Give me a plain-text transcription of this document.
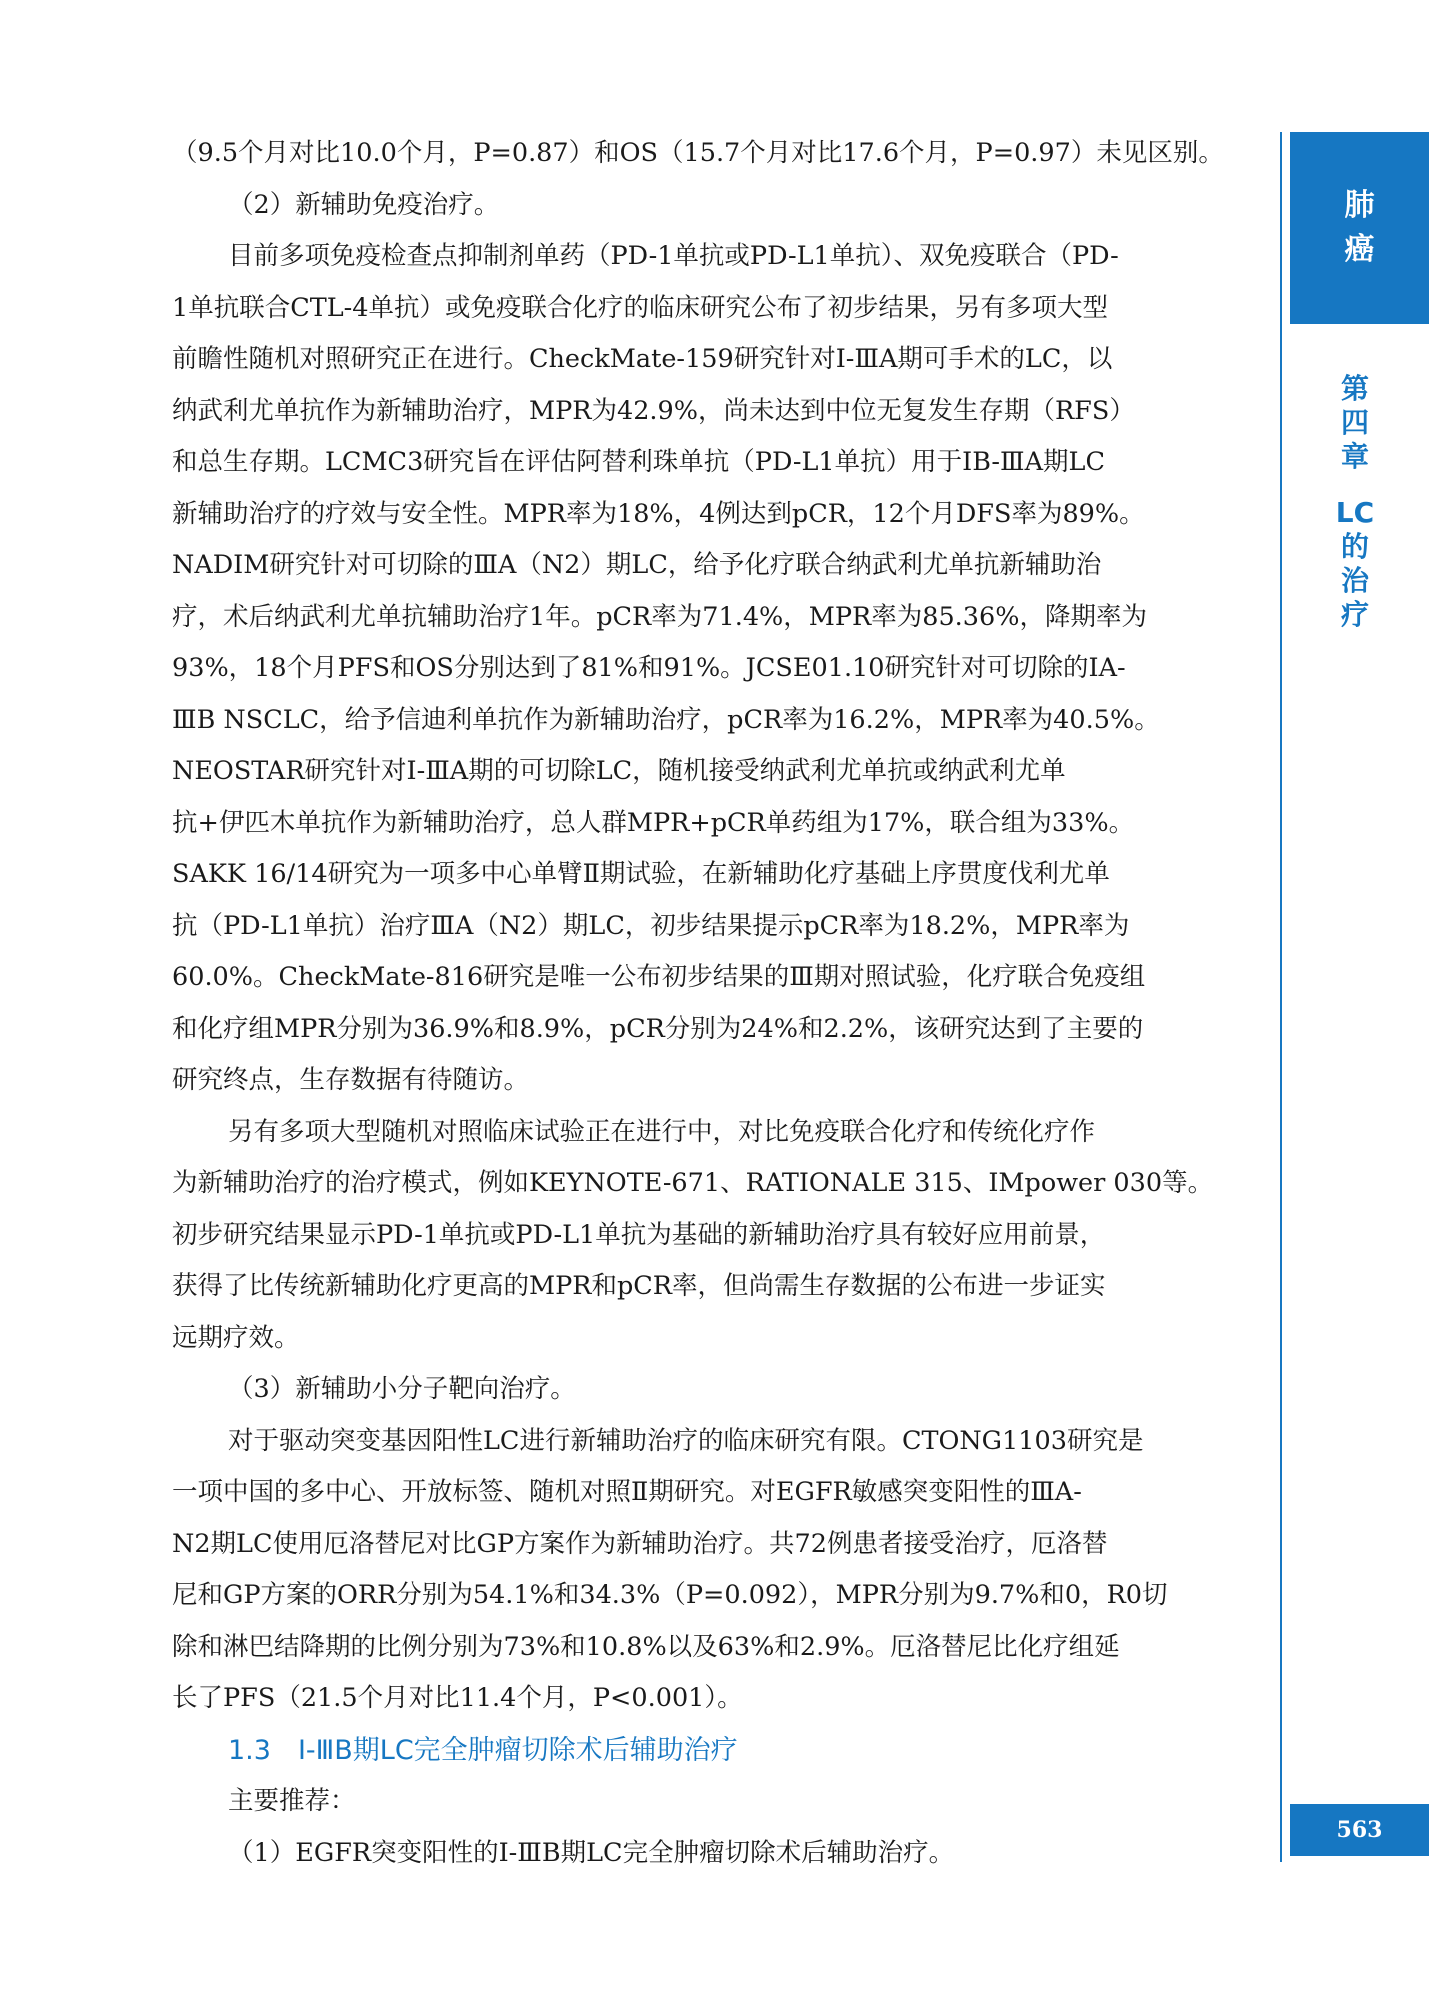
（9.5个月对比10.0个月，P=0.87）和OS（15.7个月对比17.6个月，P=0.97）未见区别。
（2）新辅助免疫治疗。
目前多项免疫检查点抑制剂单药（PD-1单抗或PD-L1单抗）、双免疫联合（PD-
1单抗联合CTL-4单抗）或免疫联合化疗的临床研究公布了初步结果，另有多项大型
前瞻性随机对照研究正在进行。CheckMate-159研究针对Ⅰ-ⅢA期可手术的LC，以
纳武利尤单抗作为新辅助治疗，MPR为42.9%，尚未达到中位无复发生存期（RFS）
和总生存期。LCMC3研究旨在评估阿替利珠单抗（PD-L1单抗）用于ⅠB-ⅢA期LC
新辅助治疗的疗效与安全性。MPR率为18%，4例达到pCR，12个月DFS率为89%。
NADIM研究针对可切除的ⅢA（N2）期LC，给予化疗联合纳武利尤单抗新辅助治
疗，术后纳武利尤单抗辅助治疗1年。pCR率为71.4%，MPR率为85.36%，降期率为
93%，18个月PFS和OS分别达到了81%和91%。JCSE01.10研究针对可切除的ⅠA-
ⅢB NSCLC，给予信迪利单抗作为新辅助治疗，pCR率为16.2%，MPR率为40.5%。
NEOSTAR研究针对Ⅰ-ⅢA期的可切除LC，随机接受纳武利尤单抗或纳武利尤单
抗+伊匹木单抗作为新辅助治疗，总人群MPR+pCR单药组为17%，联合组为33%。
SAKK 16/14研究为一项多中心单臂Ⅱ期试验，在新辅助化疗基础上序贯度伐利尤单
抗（PD-L1单抗）治疗ⅢA（N2）期LC，初步结果提示pCR率为18.2%，MPR率为
60.0%。CheckMate-816研究是唯一公布初步结果的Ⅲ期对照试验，化疗联合免疫组
和化疗组MPR分别为36.9%和8.9%，pCR分别为24%和2.2%，该研究达到了主要的
研究终点，生存数据有待随访。
另有多项大型随机对照临床试验正在进行中，对比免疫联合化疗和传统化疗作
为新辅助治疗的治疗模式，例如KEYNOTE-671、RATIONALE 315、IMpower 030等。
初步研究结果显示PD-1单抗或PD-L1单抗为基础的新辅助治疗具有较好应用前景，
获得了比传统新辅助化疗更高的MPR和pCR率，但尚需生存数据的公布进一步证实
远期疗效。
（3）新辅助小分子靶向治疗。
对于驱动突变基因阳性LC进行新辅助治疗的临床研究有限。CTONG1103研究是
一项中国的多中心、开放标签、随机对照Ⅱ期研究。对EGFR敏感突变阳性的ⅢA-
N2期LC使用厄洛替尼对比GP方案作为新辅助治疗。共72例患者接受治疗，厄洛替
尼和GP方案的ORR分别为54.1%和34.3%（P=0.092），MPR分别为9.7%和0，R0切
除和淋巴结降期的比例分别为73%和10.8%以及63%和2.9%。厄洛替尼比化疗组延
长了PFS（21.5个月对比11.4个月，P<0.001）。
1.3　Ⅰ-ⅢB期LC完全肿瘤切除术后辅助治疗
主要推荐：
（1）EGFR突变阳性的Ⅰ-ⅢB期LC完全肿瘤切除术后辅助治疗。
肺
癌
第
四
章
LC
的
治
疗
563
